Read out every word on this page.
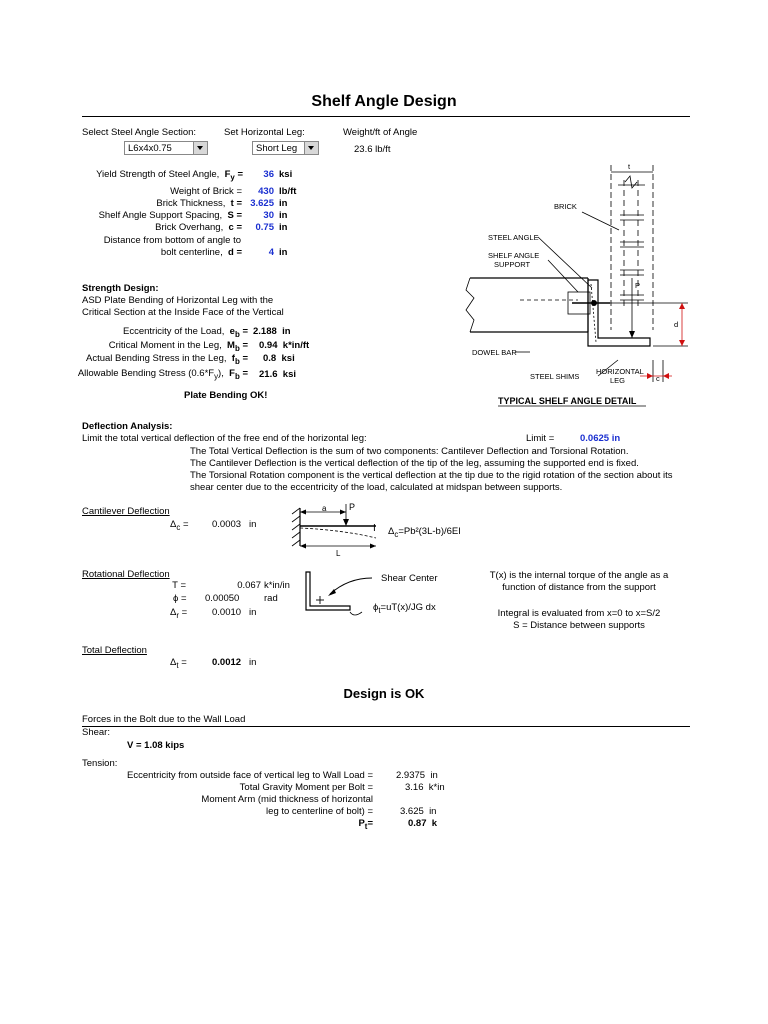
Shelf Angle Design
Select Steel Angle Section:	Set Horizontal Leg:	Weight/ft of Angle
L6x4x0.75	Short Leg	23.6 lb/ft
Yield Strength of Steel Angle, $F_y = 36$ ksi
Weight of Brick = 430 lb/ft
Brick Thickness, t = 3.625 in
Shelf Angle Support Spacing, S = 30 in
Brick Overhang, c = 0.75 in
Distance from bottom of angle to
bolt centerline, d =	4 in
Strength Design:
ASD Plate Bending of Horizontal Leg with the
Critical Section at the Inside Face of the Vertical
Eccentricity of the Load, $e_b = 2.188$ in
Critical Moment in the Leg, $M_b = 0.94$ k*in/ft
Actual Bending Stress in the Leg, $f_b = 0.8$ ksi
Allowable Bending Stress $(0.6*F_y)$, $F_b = 21.6$ ksi
Plate Bending OK!
t
P
d
c
BRICK
STEEL ANGLE
SHELF ANGLE
SUPPORT
DOWEL BAR
STEEL SHIMS
HORIZONTAL
LEG
TYPICAL SHELF ANGLE DETAIL
Deflection Analysis:
Limit the total vertical deflection of the free end of the horizontal leg:	Limit =	0.0625 in
The Total Vertical Deflection is the sum of two components: Cantilever Deflection and Torsional Rotation.
The Cantilever Deflection is the vertical deflection of the tip of the leg, assuming the supported end is fixed.
The Torsional Rotation component is the vertical deflection at the tip due to the rigid rotation of the section about its
shear center due to the eccentricity of the load, calculated at midspan between supports.
Cantilever Deflection
$\Delta_c = 0.0003$ in
a	P
L
I $\Delta_c=Pb^2(3L-b)/6EI$
Rotational Deflection
T =	0.067 k*in/in
ϕ = 0.00050	rad
$\Delta_r$ =	0.0010 in
Shear Center
$\phi_t=uT(x)/JG$ dx
T(x) is the internal torque of the angle as a
function of distance from the support
Integral is evaluated from x=0 to x=S/2
S = Distance between supports
Total Deflection
$\Delta_t$ =	0.0012 in
Design is OK
Forces in the Bolt due to the Wall Load
Shear:
V = 1.08 kips
Tension:
Eccentricity from outside face of vertical leg to Wall Load = 2.9375 in
Total Gravity Moment per Bolt =	3.16 k*in
Moment Arm (mid thickness of horizontal
leg to centerline of bolt) =	3.625 in
$P_t=$	0.87 k
